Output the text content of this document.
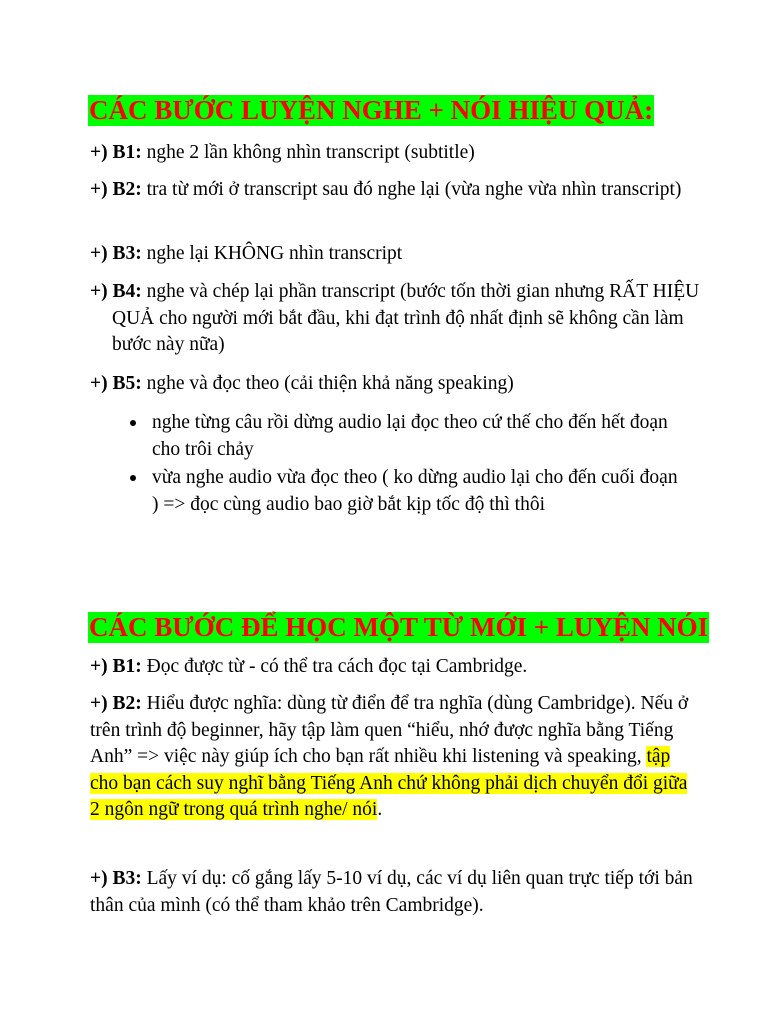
CÁC BƯỚC LUYỆN NGHE + NÓI HIỆU QUẢ:

+) B1: nghe 2 lần không nhìn transcript (subtitle)

+) B2: tra từ mới ở transcript sau đó nghe lại (vừa nghe vừa nhìn transcript)

+) B3: nghe lại KHÔNG nhìn transcript

+) B4: nghe và chép lại phần transcript (bước tốn thời gian nhưng RẤT HIỆU QUẢ cho người mới bắt đầu, khi đạt trình độ nhất định sẽ không cần làm bước này nữa)

+) B5: nghe và đọc theo (cải thiện khả năng speaking)

nghe từng câu rồi dừng audio lại đọc theo cứ thế cho đến hết đoạn cho trôi chảy
vừa nghe audio vừa đọc theo ( ko dừng audio lại cho đến cuối đoạn ) => đọc cùng audio bao giờ bắt kịp tốc độ thì thôi
CÁC BƯỚC ĐỂ HỌC MỘT TỪ MỚI + LUYỆN NÓI

+) B1: Đọc được từ - có thể tra cách đọc tại Cambridge.

+) B2: Hiểu được nghĩa: dùng từ điển để tra nghĩa (dùng Cambridge). Nếu ở trên trình độ beginner, hãy tập làm quen “hiểu, nhớ được nghĩa bằng Tiếng Anh” => việc này giúp ích cho bạn rất nhiều khi listening và speaking, tập cho bạn cách suy nghĩ bằng Tiếng Anh chứ không phải dịch chuyển đổi giữa 2 ngôn ngữ trong quá trình nghe/ nói.

+) B3: Lấy ví dụ: cố gắng lấy 5-10 ví dụ, các ví dụ liên quan trực tiếp tới bản thân của mình (có thể tham khảo trên Cambridge).
